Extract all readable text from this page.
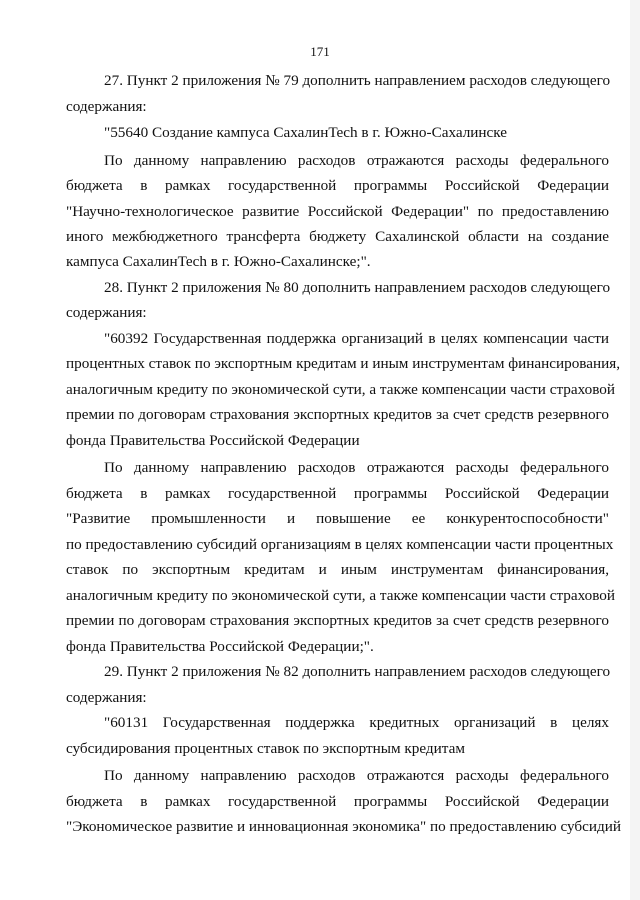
171
27. Пункт 2 приложения № 79 дополнить направлением расходов следующего
содержания:
"55640 Создание кампуса СахалинTech в г. Южно-Сахалинске
По данному направлению расходов отражаются расходы федерального
бюджета в рамках государственной программы Российской Федерации
"Научно-технологическое развитие Российской Федерации" по предоставлению
иного межбюджетного трансферта бюджету Сахалинской области на создание
кампуса СахалинTech в г. Южно-Сахалинске;".
28. Пункт 2 приложения № 80 дополнить направлением расходов следующего
содержания:
"60392 Государственная поддержка организаций в целях компенсации части
процентных ставок по экспортным кредитам и иным инструментам финансирования,
аналогичным кредиту по экономической сути, а также компенсации части страховой
премии по договорам страхования экспортных кредитов за счет средств резервного
фонда Правительства Российской Федерации
По данному направлению расходов отражаются расходы федерального
бюджета в рамках государственной программы Российской Федерации
"Развитие промышленности и повышение ее конкурентоспособности"
по предоставлению субсидий организациям в целях компенсации части процентных
ставок по экспортным кредитам и иным инструментам финансирования,
аналогичным кредиту по экономической сути, а также компенсации части страховой
премии по договорам страхования экспортных кредитов за счет средств резервного
фонда Правительства Российской Федерации;".
29. Пункт 2 приложения № 82 дополнить направлением расходов следующего
содержания:
"60131 Государственная поддержка кредитных организаций в целях
субсидирования процентных ставок по экспортным кредитам
По данному направлению расходов отражаются расходы федерального
бюджета в рамках государственной программы Российской Федерации
"Экономическое развитие и инновационная экономика" по предоставлению субсидий
